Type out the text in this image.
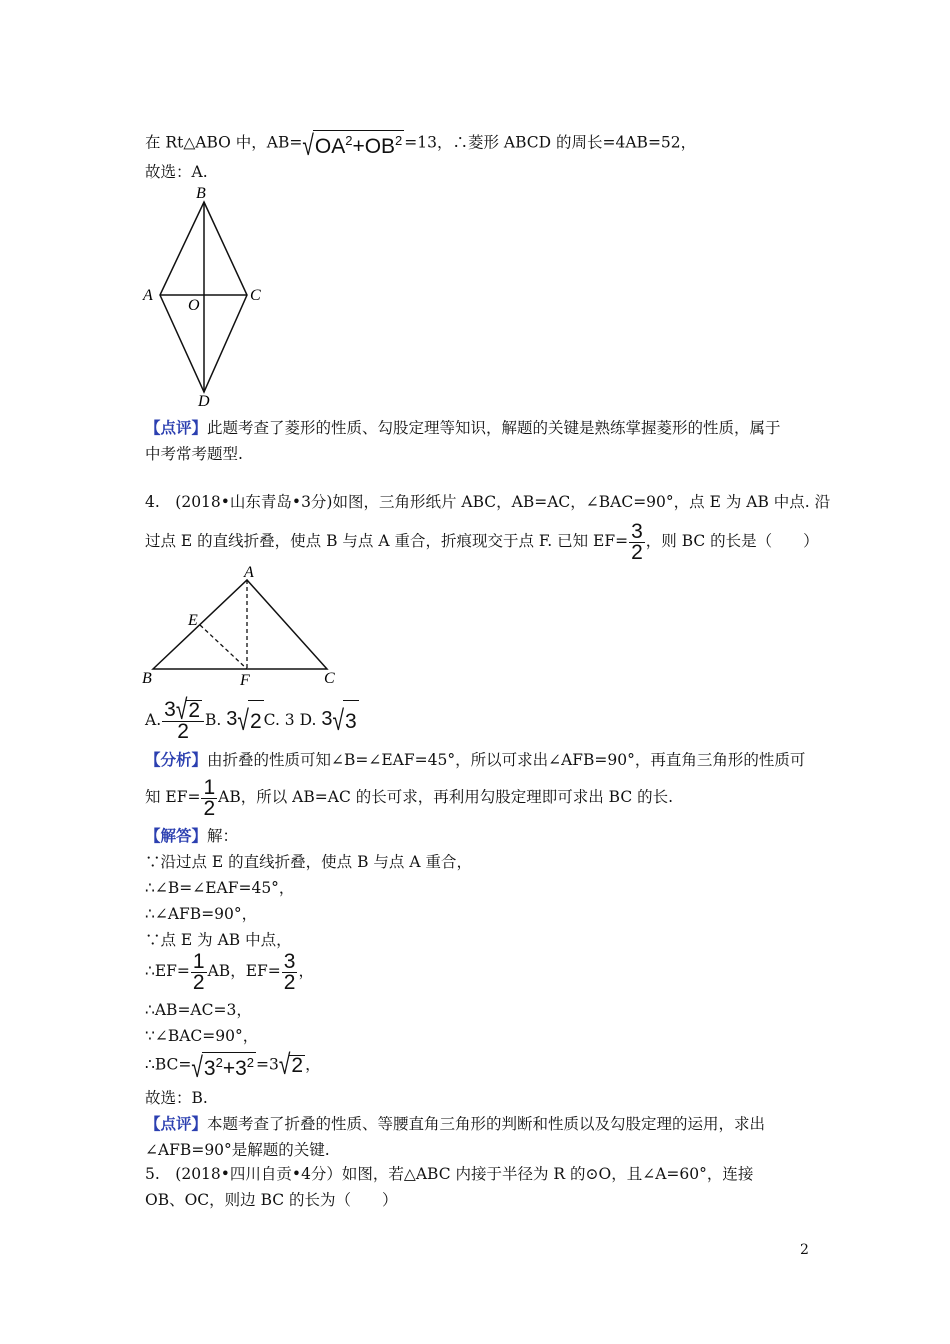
在 Rt△ABO 中，$AB=√OA^2+OB^2 =13$，∴菱形 ABCD 的周长=4AB=52，
故选：A.
B
A	C
O
D
【点评】此题考查了菱形的性质、勾股定理等知识，解题的关键是熟练掌握菱形的性质，属于
中考常考题型.
4.　(2018•山东青岛•3分)如图，三角形纸片 ABC，AB=AC，∠BAC=90°，点 E 为 AB 中点. 沿
过点 E 的直线折叠，使点 B 与点 A 重合，折痕现交于点 F. 已知 $EF= \frac{3}{2}$ ，则 BC 的长是（　　）
A
E
B	F	C
A. $\frac{3√2}{2} B$. 3√2 C. 3 D. 3√3
【分析】由折叠的性质可知∠B=∠EAF=45°，所以可求出∠AFB=90°，再直角三角形的性质可
知 $EF= \frac{1}{2}$ AB，所以 AB=AC 的长可求，再利用勾股定理即可求出 BC 的长.
【解答】解：
∵沿过点 E 的直线折叠，使点 B 与点 A 重合，
∴∠B=∠EAF=45°，
∴∠AFB=90°，
∵点 E 为 AB 中点，
∴EF= $\frac{1}{2}$ AB，$EF= \frac{3}{2}$ ，
∴AB=AC=3，
∵∠BAC=90°，
$\therefore BC=√3^2+3^2 =3√2$ ，
故选：B.
【点评】本题考查了折叠的性质、等腰直角三角形的判断和性质以及勾股定理的运用，求出
∠AFB=90°是解题的关键.
5.　(2018•四川自贡•4分）如图，若△ABC 内接于半径为 R 的⊙O，且∠A=60°，连接
OB、OC，则边 BC 的长为（　　）
2
